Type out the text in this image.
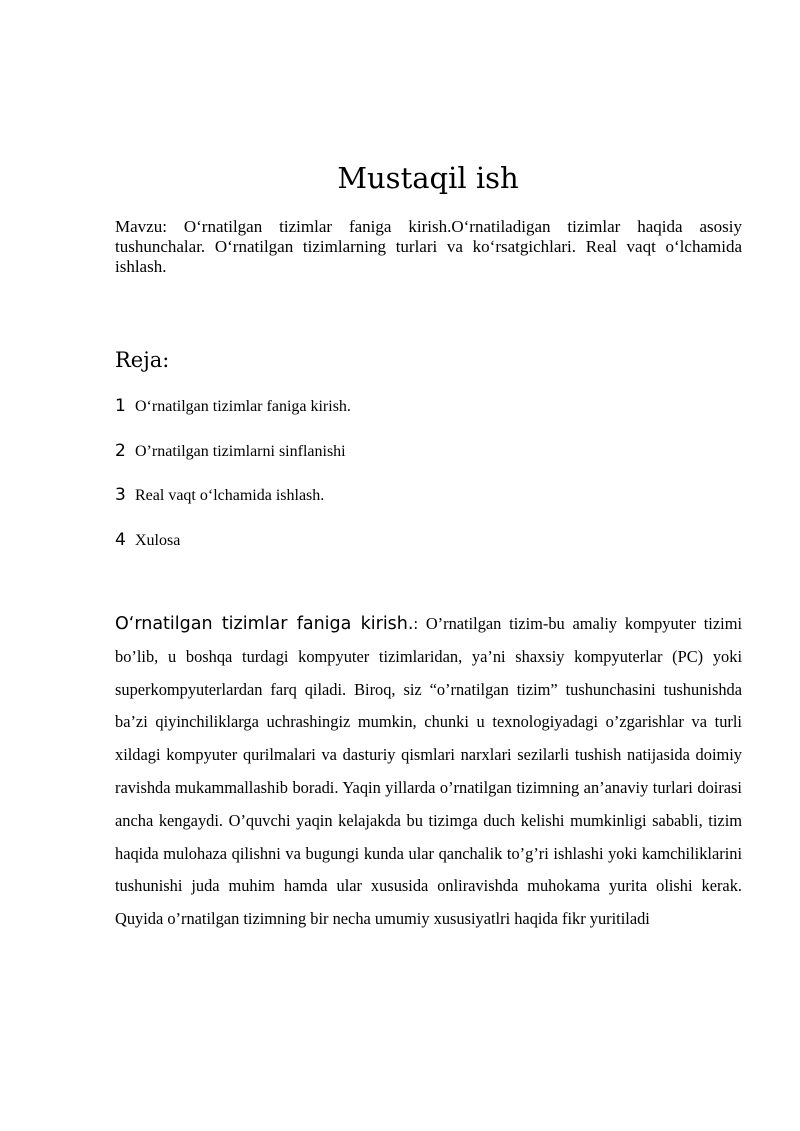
Mustaqil ish

Mavzu: O‘rnatilgan tizimlar faniga kirish.O‘rnatiladigan tizimlar haqida asosiy tushunchalar. O‘rnatilgan tizimlarning turlari va ko‘rsatgichlari. Real vaqt o‘lchamida ishlash.

Reja:
1 O‘rnatilgan tizimlar faniga kirish.
2 O’rnatilgan tizimlarni sinflanishi
3 Real vaqt o‘lchamida ishlash.
4 Xulosa

O‘rnatilgan tizimlar faniga kirish.: O’rnatilgan tizim-bu amaliy kompyuter tizimi bo’lib, u boshqa turdagi kompyuter tizimlaridan, ya’ni shaxsiy kompyuterlar (PC) yoki superkompyuterlardan farq qiladi. Biroq, siz “o’rnatilgan tizim” tushunchasini tushunishda ba’zi qiyinchiliklarga uchrashingiz mumkin, chunki u texnologiyadagi o’zgarishlar va turli xildagi kompyuter qurilmalari va dasturiy qismlari narxlari sezilarli tushish natijasida doimiy ravishda mukammallashib boradi. Yaqin yillarda o’rnatilgan tizimning an’anaviy turlari doirasi ancha kengaydi. O’quvchi yaqin kelajakda bu tizimga duch kelishi mumkinligi sababli, tizim haqida mulohaza qilishni va bugungi kunda ular qanchalik to’g’ri ishlashi yoki kamchiliklarini tushunishi juda muhim hamda ular xususida onliravishda muhokama yurita olishi kerak. Quyida o’rnatilgan tizimning bir necha umumiy xususiyatlri haqida fikr yuritiladi
